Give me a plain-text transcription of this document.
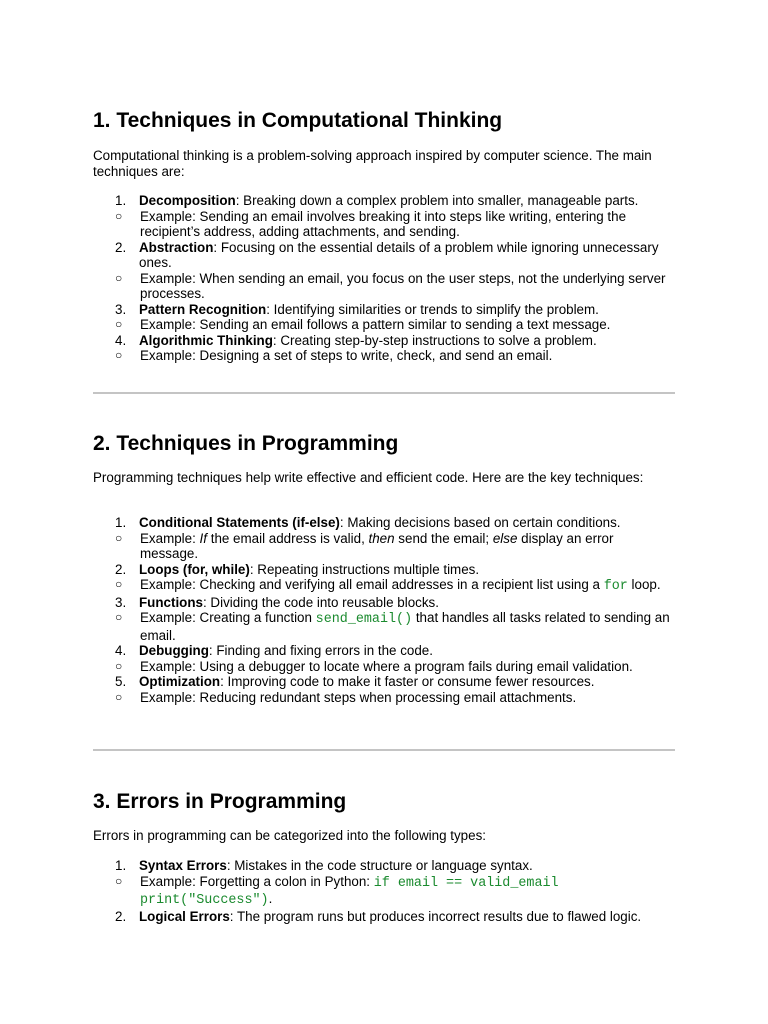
1. Techniques in Computational Thinking

Computational thinking is a problem-solving approach inspired by computer science. The main techniques are:

1. Decomposition: Breaking down a complex problem into smaller, manageable parts.
○ Example: Sending an email involves breaking it into steps like writing, entering the recipient’s address, adding attachments, and sending.
2. Abstraction: Focusing on the essential details of a problem while ignoring unnecessary ones.
○ Example: When sending an email, you focus on the user steps, not the underlying server processes.
3. Pattern Recognition: Identifying similarities or trends to simplify the problem.
○ Example: Sending an email follows a pattern similar to sending a text message.
4. Algorithmic Thinking: Creating step-by-step instructions to solve a problem.
○ Example: Designing a set of steps to write, check, and send an email.
2. Techniques in Programming

Programming techniques help write effective and efficient code. Here are the key techniques:

1. Conditional Statements (if-else): Making decisions based on certain conditions.
○ Example: If the email address is valid, then send the email; else display an error message.
2. Loops (for, while): Repeating instructions multiple times.
○ Example: Checking and verifying all email addresses in a recipient list using a for loop.
3. Functions: Dividing the code into reusable blocks.
○ Example: Creating a function send_email() that handles all tasks related to sending an email.
4. Debugging: Finding and fixing errors in the code.
○ Example: Using a debugger to locate where a program fails during email validation.
5. Optimization: Improving code to make it faster or consume fewer resources.
○ Example: Reducing redundant steps when processing email attachments.
3. Errors in Programming

Errors in programming can be categorized into the following types:

1. Syntax Errors: Mistakes in the code structure or language syntax.
○ Example: Forgetting a colon in Python: if email == valid_email
print("Success").
2. Logical Errors: The program runs but produces incorrect results due to flawed logic.
